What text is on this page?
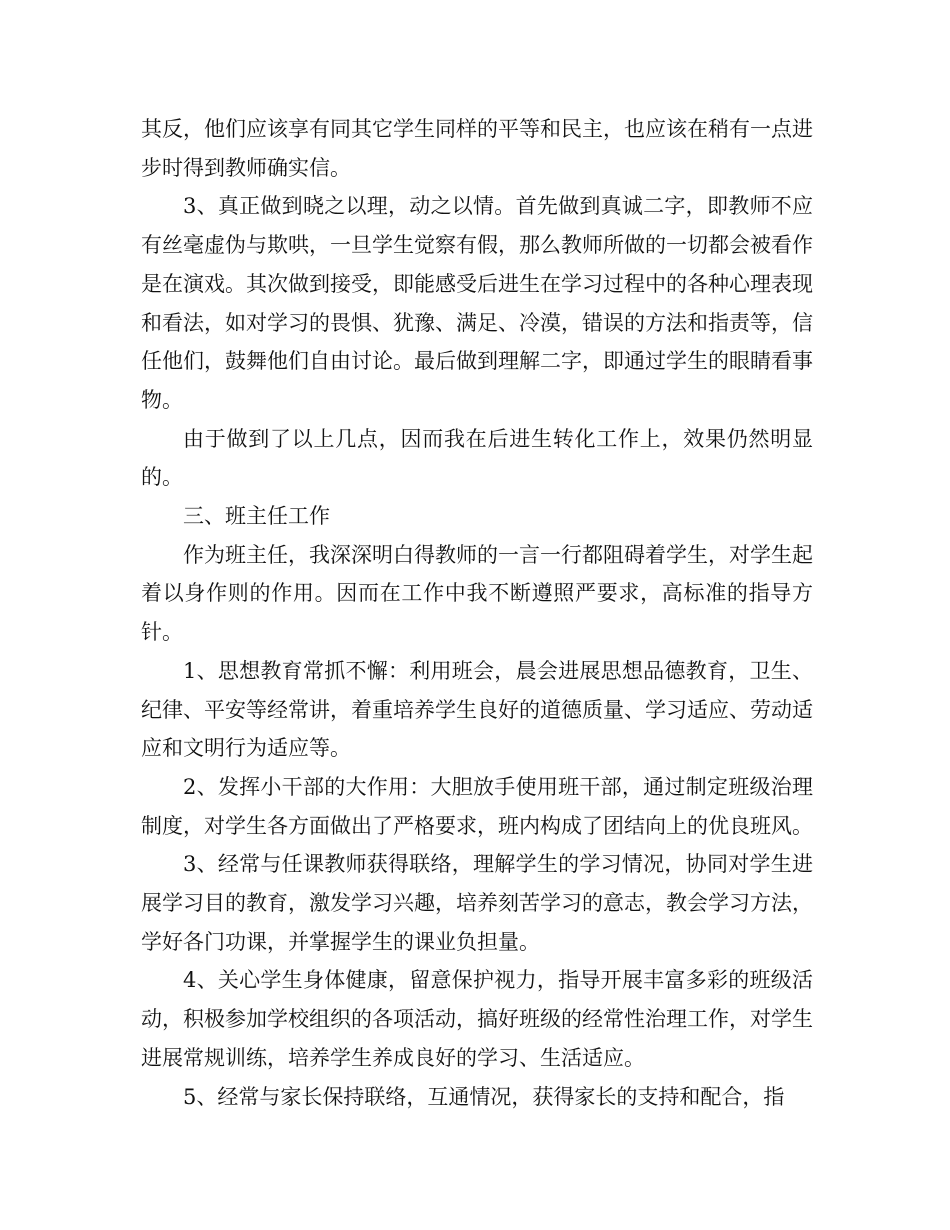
其反，他们应该享有同其它学生同样的平等和民主，也应该在稍有一点进步时得到教师确实信。

3、真正做到晓之以理，动之以情。首先做到真诚二字，即教师不应有丝毫虚伪与欺哄，一旦学生觉察有假，那么教师所做的一切都会被看作是在演戏。其次做到接受，即能感受后进生在学习过程中的各种心理表现和看法，如对学习的畏惧、犹豫、满足、冷漠，错误的方法和指责等，信任他们，鼓舞他们自由讨论。最后做到理解二字，即通过学生的眼睛看事物。

由于做到了以上几点，因而我在后进生转化工作上，效果仍然明显的。

三、班主任工作

作为班主任，我深深明白得教师的一言一行都阻碍着学生，对学生起着以身作则的作用。因而在工作中我不断遵照严要求，高标准的指导方针。

1、思想教育常抓不懈：利用班会，晨会进展思想品德教育，卫生、纪律、平安等经常讲，着重培养学生良好的道德质量、学习适应、劳动适应和文明行为适应等。

2、发挥小干部的大作用：大胆放手使用班干部，通过制定班级治理制度，对学生各方面做出了严格要求，班内构成了团结向上的优良班风。

3、经常与任课教师获得联络，理解学生的学习情况，协同对学生进展学习目的教育，激发学习兴趣，培养刻苦学习的意志，教会学习方法，学好各门功课，并掌握学生的课业负担量。

4、关心学生身体健康，留意保护视力，指导开展丰富多彩的班级活动，积极参加学校组织的各项活动，搞好班级的经常性治理工作，对学生进展常规训练，培养学生养成良好的学习、生活适应。

5、经常与家长保持联络，互通情况，获得家长的支持和配合，指
